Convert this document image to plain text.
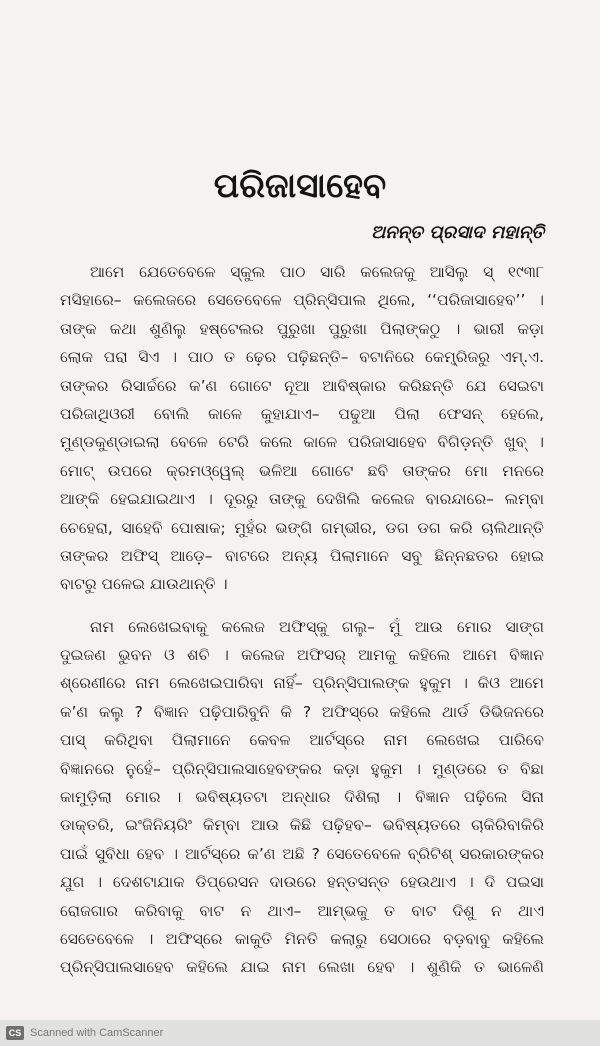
ପରିଜାସାହେବ
ଅନନ୍ତ ପ୍ରସାଦ ମହାନ୍ତି
ଆମେ ଯେତେବେଳେ ସ୍କୁଲ ପାଠ ସାରି କଲେଜକୁ ଆସିଲୁ ସ୍ ୧୯୩୮
ମସିହାରେ– କଲେଜରେ ସେତେବେଳେ ପ୍ରିନ୍ସିପାଲ ଥିଲେ, ‘‘ପରିଜାସାହେବ’’ ।
ତାଙ୍କ କଥା ଶୁଣିଲୁ ହଷ୍ଟେଲର ପୁରୁଖା ପୁରୁଖା ପିଲାଙ୍କଠୁ । ଭାରୀ କଡ଼ା
ଲୋକ ପରା ସିଏ । ପାଠ ତ ଢ଼େର ପଢ଼ିଛନ୍ତି– ବଟାନିରେ କେମ୍ବ୍ରିଜରୁ ଏମ୍.ଏ.
ତାଙ୍କର ରିସାର୍ଚ୍ଚରେ କ’ଣ ଗୋଟେ ନୂଆ ଆବିଷ୍କାର କରିଛନ୍ତି ଯେ ସେଇଟା
ପରିଜାଥିଓରୀ ବୋଲି କାଳେ କୁହାଯାଏ– ପଢୁଆ ପିଲା ଫେସନ୍ ହେଲେ,
ମୁଣ୍ଡକୁଣ୍ଡାଇଲା ବେଳେ ଟେରି କଲେ କାଳେ ପରିଜାସାହେବ ବିଗିଡ଼ନ୍ତି ଖୁବ୍ ।
ମୋଟ୍ ଉପରେ କ୍ରମଓ୍ୱେଲ୍ ଭଳିଆ ଗୋଟେ ଛବି ତାଙ୍କର ମୋ ମନରେ
ଆଙ୍କି ହେଇଯାଇଥାଏ । ଦୂରରୁ ତାଙ୍କୁ ଦେଖିଲି କଲେଜ ବାରନ୍ଦାରେ– ଲମ୍ବା
ଚେହେରା, ସାହେବି ପୋଷାକ; ମୁହଁର ଭଙ୍ଗି ଗମ୍ଭୀର, ଡଗ ଡଗ କରି ଚାଲିଥାନ୍ତି
ତାଙ୍କର ଅଫିସ୍ ଆଡ଼େ– ବାଟରେ ଅନ୍ୟ ପିଲାମାନେ ସବୁ ଛିନ୍ନଛତର ହୋଇ
ବାଟରୁ ପଳେଇ ଯାଉଥାନ୍ତି ।
ନାମ ଲେଖେଇବାକୁ କଲେଜ ଅଫିସ୍‌କୁ ଗଲୁ– ମୁଁ ଆଉ ମୋର ସାଙ୍ଗ
ଦୁଇଜଣ ଭୁବନ ଓ ଶଚି । କଲେଜ ଅଫିସର୍ ଆମକୁ କହିଲେ ଆମେ ବିଜ୍ଞାନ
ଶ୍ରେଣୀରେ ନାମ ଲେଖେଇପାରିବା ନାହିଁ– ପ୍ରିନ୍ସିପାଲଙ୍କ ହୁକୁମ । କିଓ ଆମେ
କ’ଣ କଲୁ ? ବିଜ୍ଞାନ ପଢ଼ିପାରିବୁନି କି ? ଅଫିସ୍‌ରେ କହିଲେ ଥାର୍ଡ ଡିଭିଜନରେ
ପାସ୍ କରିଥିବା ପିଲାମାନେ କେବଳ ଆର୍ଟସ୍‌ରେ ନାମ ଲେଖେଇ ପାରିବେ
ବିଜ୍ଞାନରେ ନୁହେଁ– ପ୍ରିନ୍ସିପାଲସାହେବଙ୍କର କଡ଼ା ହୁକୁମ । ମୁଣ୍ଡରେ ତ ବିଛା
କାମୁଡ଼ିଲା ମୋର । ଭବିଷ୍ୟତଟା ଅନ୍ଧାର ଦିଶିଲା । ବିଜ୍ଞାନ ପଢ଼ିଲେ ସିନା
ଡାକ୍ତରି, ଇଂଜିନିୟରିଂ କିମ୍ବା ଆଉ କିଛି ପଢ଼ିହବ– ଭବିଷ୍ୟତରେ ଚାକିରିବାକିରି
ପାଇଁ ସୁବିଧା ହେବ । ଆର୍ଟସ୍‌ରେ କ’ଣ ଅଛି ? ସେତେବେଳେ ବ୍ରିଟିଶ୍ ସରକାରଙ୍କର
ଯୁଗ । ଦେଶଟାଯାକ ଡିପ୍ରେସନ ଦାଉରେ ହନ୍ତସନ୍ତ ହେଉଥାଏ । ଦି ପଇସା
ରୋଜଗାର କରିବାକୁ ବାଟ ନ ଥାଏ– ଆମ୍ଭକୁ ତ ବାଟ ଦିଶୁ ନ ଥାଏ
ସେତେବେଳେ । ଅଫିସ୍‌ରେ କାକୁତି ମିନତି କଲାରୁ ସେଠାରେ ବଡ଼ବାବୁ କହିଲେ
ପ୍ରିନ୍ସିପାଲସାହେବ କହିଲେ ଯାଇ ନାମ ଲେଖା ହେବ । ଶୁଣିକି ତ ଭାଳେଣି
CS Scanned with CamScanner
